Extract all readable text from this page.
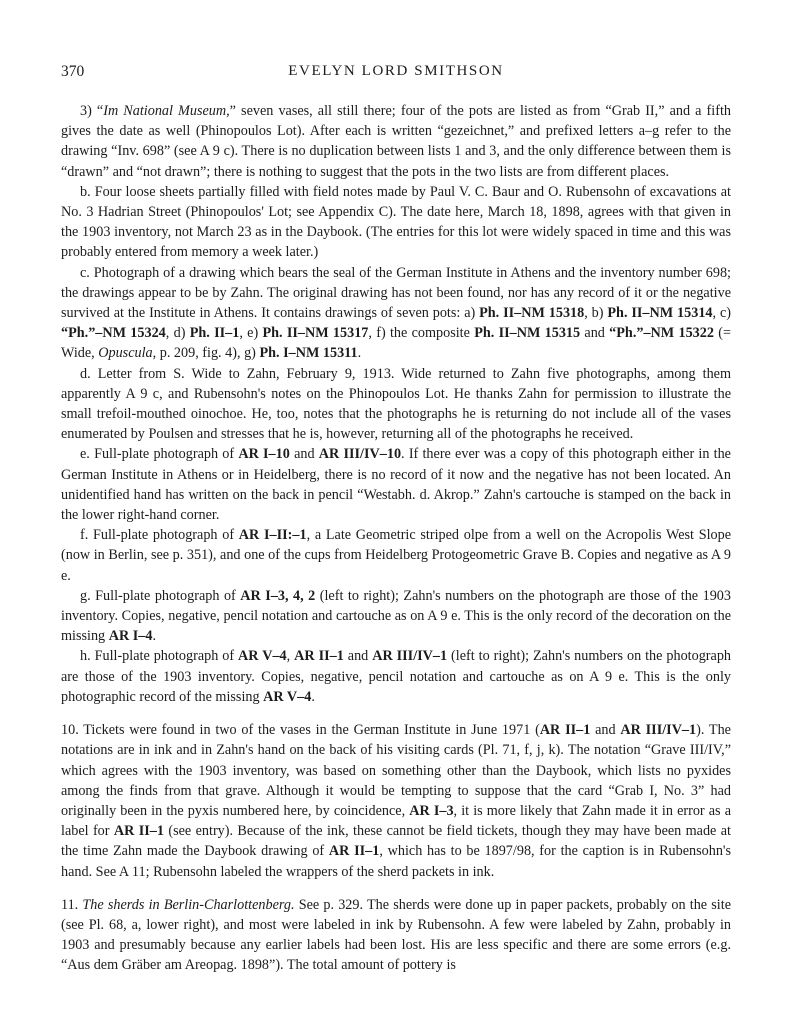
370	EVELYN LORD SMITHSON

3) “Im National Museum,” seven vases, all still there; four of the pots are listed as from “Grab II,” and a fifth gives the date as well (Phinopoulos Lot). After each is written “gezeichnet,” and prefixed letters a–g refer to the drawing “Inv. 698” (see A 9 c). There is no duplication between lists 1 and 3, and the only difference between them is “drawn” and “not drawn”; there is nothing to suggest that the pots in the two lists are from different places.

b. Four loose sheets partially filled with field notes made by Paul V. C. Baur and O. Rubensohn of excavations at No. 3 Hadrian Street (Phinopoulos' Lot; see Appendix C). The date here, March 18, 1898, agrees with that given in the 1903 inventory, not March 23 as in the Daybook. (The entries for this lot were widely spaced in time and this was probably entered from memory a week later.)

c. Photograph of a drawing which bears the seal of the German Institute in Athens and the inventory number 698; the drawings appear to be by Zahn. The original drawing has not been found, nor has any record of it or the negative survived at the Institute in Athens. It contains drawings of seven pots: a) Ph. II–NM 15318, b) Ph. II–NM 15314, c) “Ph.”–NM 15324, d) Ph. II–1, e) Ph. II–NM 15317, f) the composite Ph. II–NM 15315 and “Ph.”–NM 15322 (= Wide, Opuscula, p. 209, fig. 4), g) Ph. I–NM 15311.

d. Letter from S. Wide to Zahn, February 9, 1913. Wide returned to Zahn five photographs, among them apparently A 9 c, and Rubensohn's notes on the Phinopoulos Lot. He thanks Zahn for permission to illustrate the small trefoil-mouthed oinochoe. He, too, notes that the photographs he is returning do not include all of the vases enumerated by Poulsen and stresses that he is, however, returning all of the photographs he received.

e. Full-plate photograph of AR I–10 and AR III/IV–10. If there ever was a copy of this photograph either in the German Institute in Athens or in Heidelberg, there is no record of it now and the negative has not been located. An unidentified hand has written on the back in pencil “Westabh. d. Akrop.” Zahn's cartouche is stamped on the back in the lower right-hand corner.

f. Full-plate photograph of AR I–II:–1, a Late Geometric striped olpe from a well on the Acropolis West Slope (now in Berlin, see p. 351), and one of the cups from Heidelberg Protogeometric Grave B. Copies and negative as A 9 e.

g. Full-plate photograph of AR I–3, 4, 2 (left to right); Zahn's numbers on the photograph are those of the 1903 inventory. Copies, negative, pencil notation and cartouche as on A 9 e. This is the only record of the decoration on the missing AR I–4.

h. Full-plate photograph of AR V–4, AR II–1 and AR III/IV–1 (left to right); Zahn's numbers on the photograph are those of the 1903 inventory. Copies, negative, pencil notation and cartouche as on A 9 e. This is the only photographic record of the missing AR V–4.

10. Tickets were found in two of the vases in the German Institute in June 1971 (AR II–1 and AR III/IV–1). The notations are in ink and in Zahn's hand on the back of his visiting cards (Pl. 71, f, j, k). The notation “Grave III/IV,” which agrees with the 1903 inventory, was based on something other than the Daybook, which lists no pyxides among the finds from that grave. Although it would be tempting to suppose that the card “Grab I, No. 3” had originally been in the pyxis numbered here, by coincidence, AR I–3, it is more likely that Zahn made it in error as a label for AR II–1 (see entry). Because of the ink, these cannot be field tickets, though they may have been made at the time Zahn made the Daybook drawing of AR II–1, which has to be 1897/98, for the caption is in Rubensohn's hand. See A 11; Rubensohn labeled the wrappers of the sherd packets in ink.

11. The sherds in Berlin-Charlottenberg. See p. 329. The sherds were done up in paper packets, probably on the site (see Pl. 68, a, lower right), and most were labeled in ink by Rubensohn. A few were labeled by Zahn, probably in 1903 and presumably because any earlier labels had been lost. His are less specific and there are some errors (e.g. “Aus dem Gräber am Areopag. 1898”). The total amount of pottery is
